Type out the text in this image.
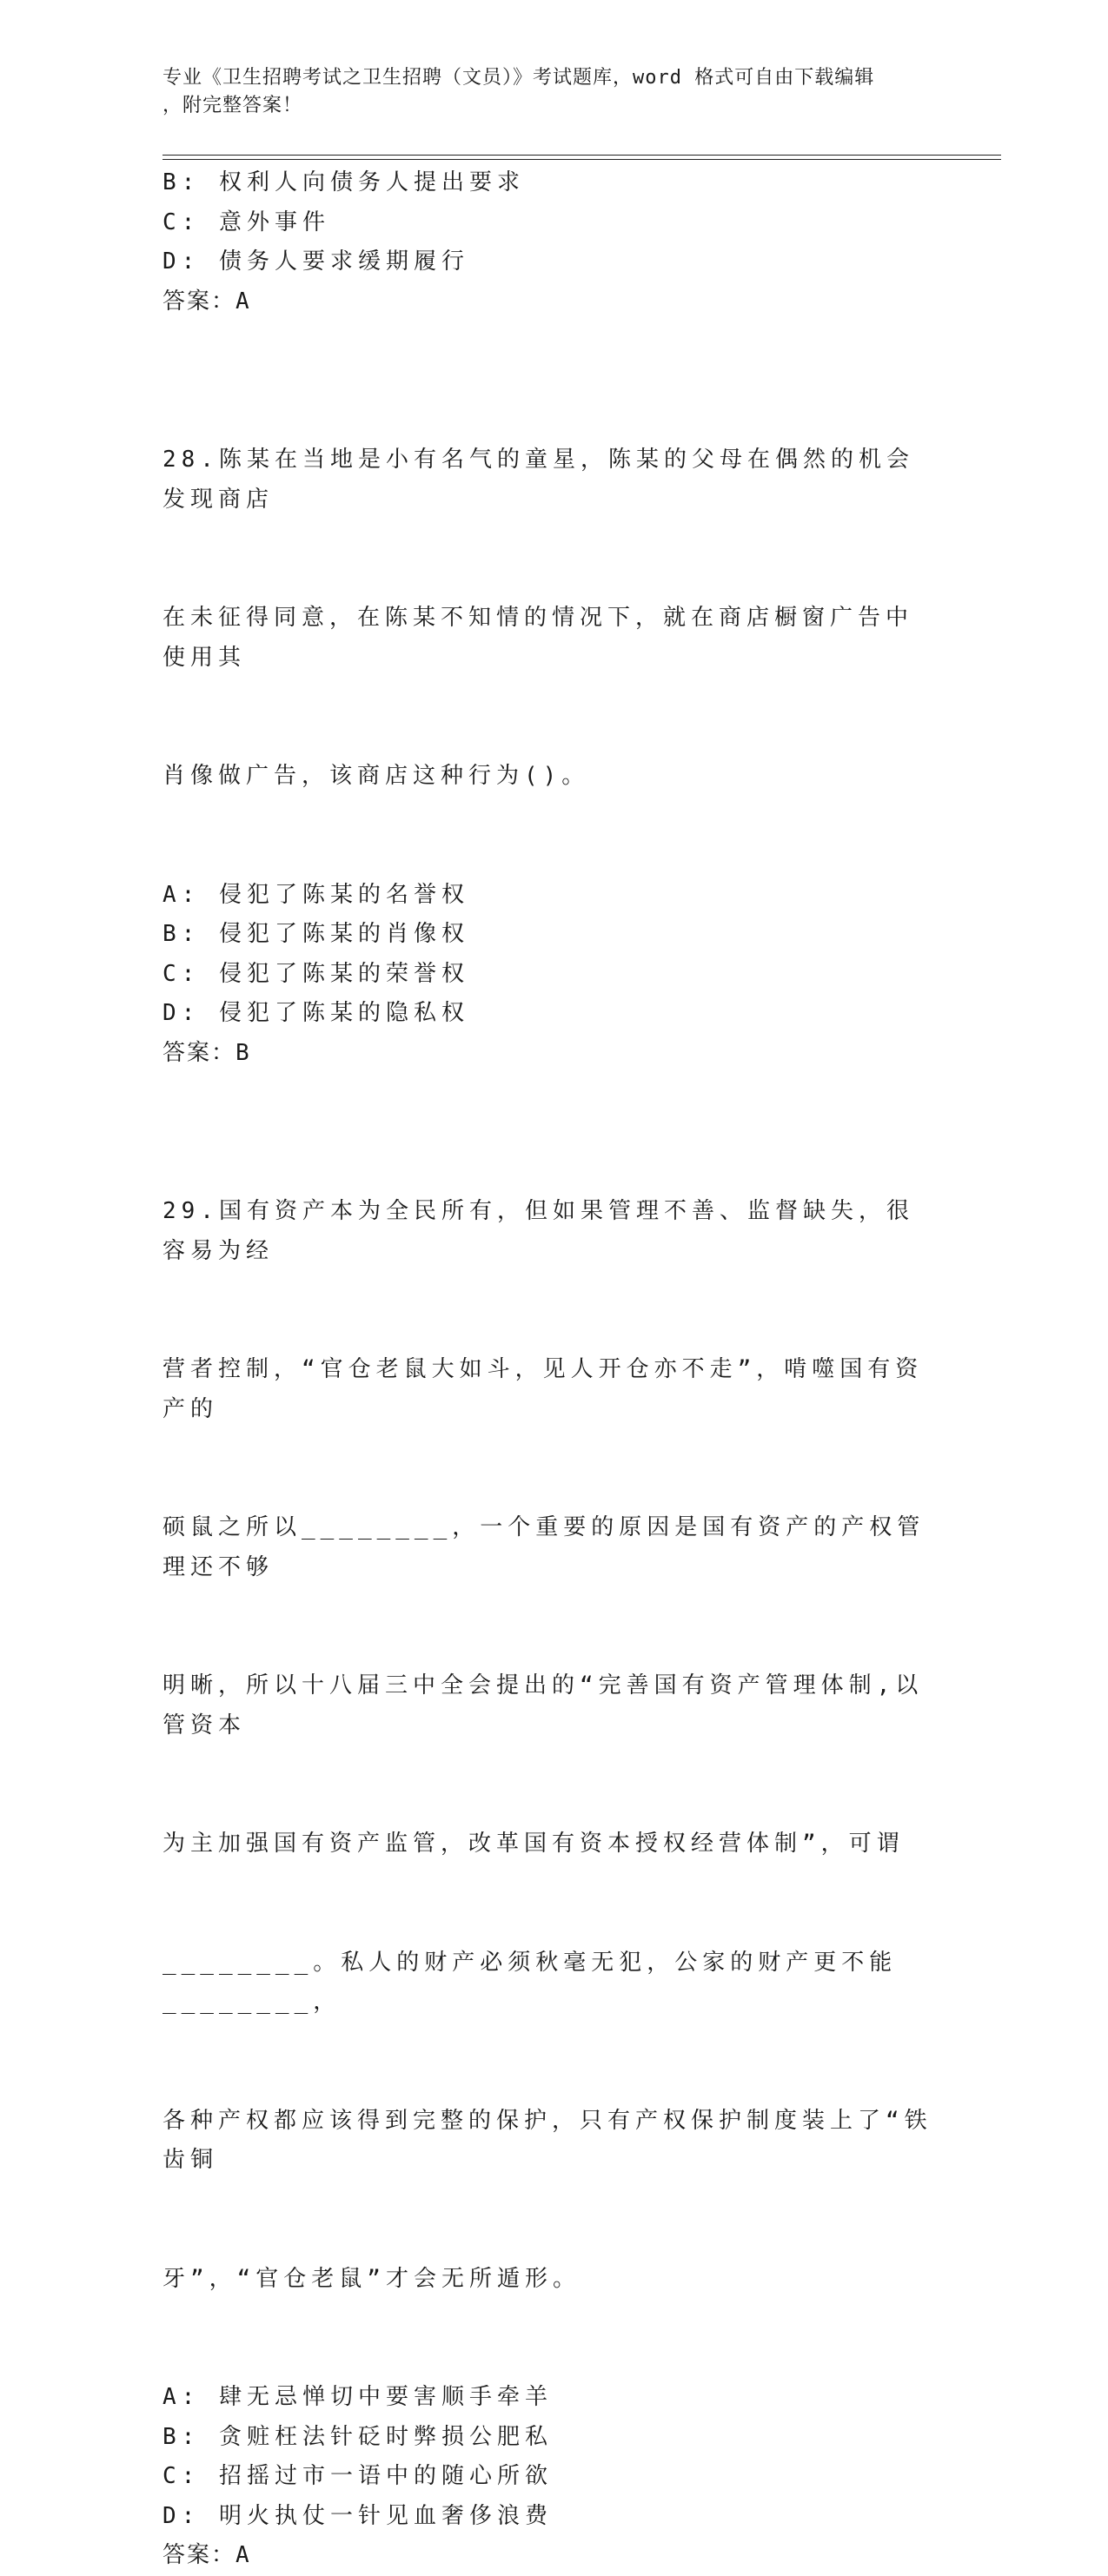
专业《卫生招聘考试之卫生招聘（文员）》考试题库，word 格式可自由下载编辑
，附完整答案！
B: 权利人向债务人提出要求
C: 意外事件
D: 债务人要求缓期履行
答案：A

28.陈某在当地是小有名气的童星，陈某的父母在偶然的机会发现商店

在未征得同意，在陈某不知情的情况下，就在商店橱窗广告中使用其

肖像做广告，该商店这种行为()。

A: 侵犯了陈某的名誉权
B: 侵犯了陈某的肖像权
C: 侵犯了陈某的荣誉权
D: 侵犯了陈某的隐私权
答案：B

29.国有资产本为全民所有，但如果管理不善、监督缺失，很容易为经

营者控制，“官仓老鼠大如斗，见人开仓亦不走”，啃噬国有资产的

硕鼠之所以________，一个重要的原因是国有资产的产权管理还不够

明晰，所以十八届三中全会提出的“完善国有资产管理体制,以管资本

为主加强国有资产监管，改革国有资本授权经营体制”，可谓

________。私人的财产必须秋毫无犯，公家的财产更不能________，

各种产权都应该得到完整的保护，只有产权保护制度装上了“铁齿铜

牙”，“官仓老鼠”才会无所遁形。

A: 肆无忌惮切中要害顺手牵羊
B: 贪赃枉法针砭时弊损公肥私
C: 招摇过市一语中的随心所欲
D: 明火执仗一针见血奢侈浪费
答案：A
